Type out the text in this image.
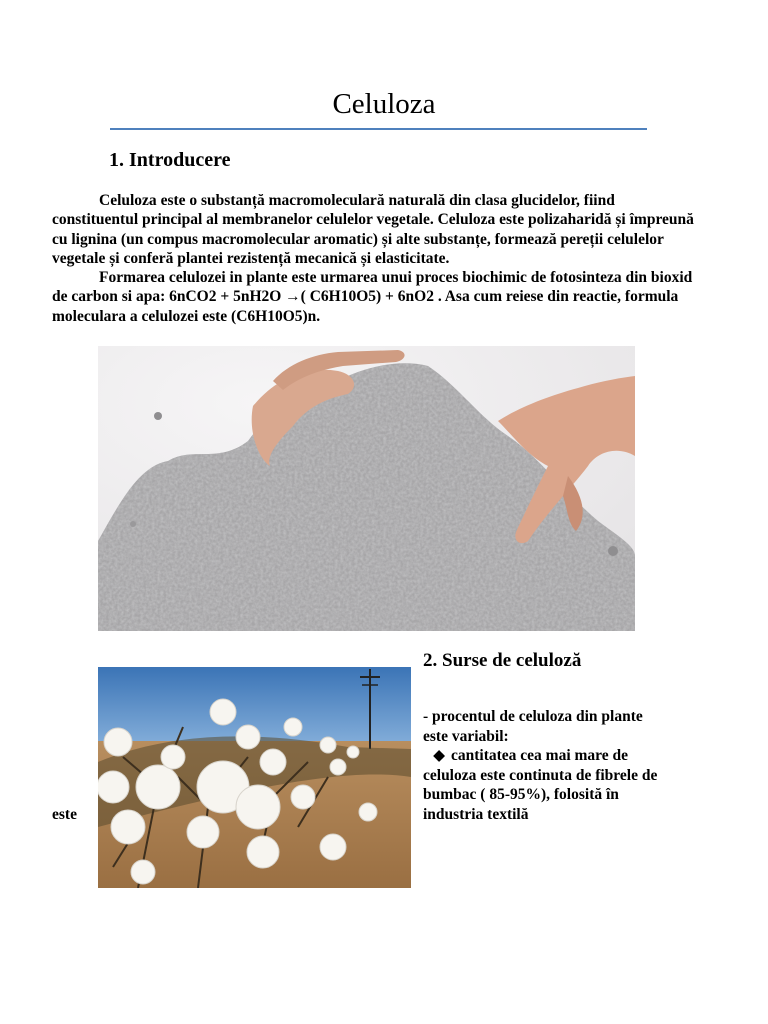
Celuloza
1. Introducere

Celuloza este o substanță macromoleculară naturală din clasa glucidelor, fiind constituentul principal al membranelor celulelor vegetale. Celuloza este polizaharidă și împreună cu lignina (un compus macromolecular aromatic) și alte substanțe, formează pereții celulelor vegetale și conferă plantei rezistență mecanică și elasticitate.

Formarea celulozei in plante este urmarea unui proces biochimic de fotosinteza din bioxid de carbon si apa: 6nCO2 + 5nH2O →( C6H10O5) + 6nO2 . Asa cum reiese din reactie, formula moleculara a celulozei este (C6H10O5)n.

2. Surse de celuloză
este

- procentul de celuloza din plante este variabil:

◆ cantitatea cea mai mare de celuloza este continuta de fibrele de bumbac ( 85-95%), folosită în industria textilă
